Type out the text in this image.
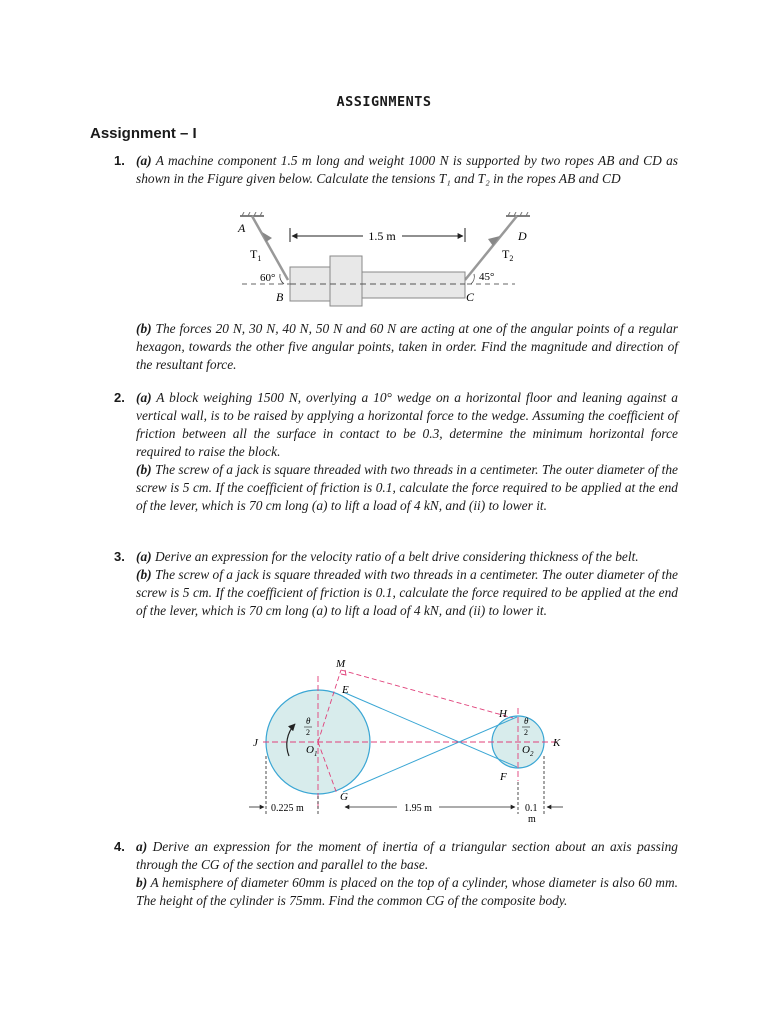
ASSIGNMENTS
Assignment – I
1. (a) A machine component 1.5 m long and weight 1000 N is supported by two ropes AB and CD as shown in the Figure given below. Calculate the tensions T₁ and T₂ in the ropes AB and CD
1.5 m
A
D
$T_1$	$T_2$
60°	45°
B	C
(b) The forces 20 N, 30 N, 40 N, 50 N and 60 N are acting at one of the angular points of a regular hexagon, towards the other five angular points, taken in order. Find the magnitude and direction of the resultant force.
2. (a) A block weighing 1500 N, overlying a 10° wedge on a horizontal floor and leaning against a vertical wall, is to be raised by applying a horizontal force to the wedge. Assuming the coefficient of friction between all the surface in contact to be 0.3, determine the minimum horizontal force required to raise the block.
(b) The screw of a jack is square threaded with two threads in a centimeter. The outer diameter of the screw is 5 cm. If the coefficient of friction is 0.1, calculate the force required to be applied at the end of the lever, which is 70 cm long (a) to lift a load of 4 kN, and (ii) to lower it.
3. (a) Derive an expression for the velocity ratio of a belt drive considering thickness of the belt.
(b) The screw of a jack is square threaded with two threads in a centimeter. The outer diameter of the screw is 5 cm. If the coefficient of friction is 0.1, calculate the force required to be applied at the end of the lever, which is 70 cm long (a) to lift a load of 4 kN, and (ii) to lower it.
M
E
H
J	K
$O_1$	$O_2$
F
G
θ
2
θ
2
0.225 m	1.95 m	0.1
m
4. a) Derive an expression for the moment of inertia of a triangular section about an axis passing through the CG of the section and parallel to the base.
b) A hemisphere of diameter 60mm is placed on the top of a cylinder, whose diameter is also 60 mm. The height of the cylinder is 75mm. Find the common CG of the composite body.
